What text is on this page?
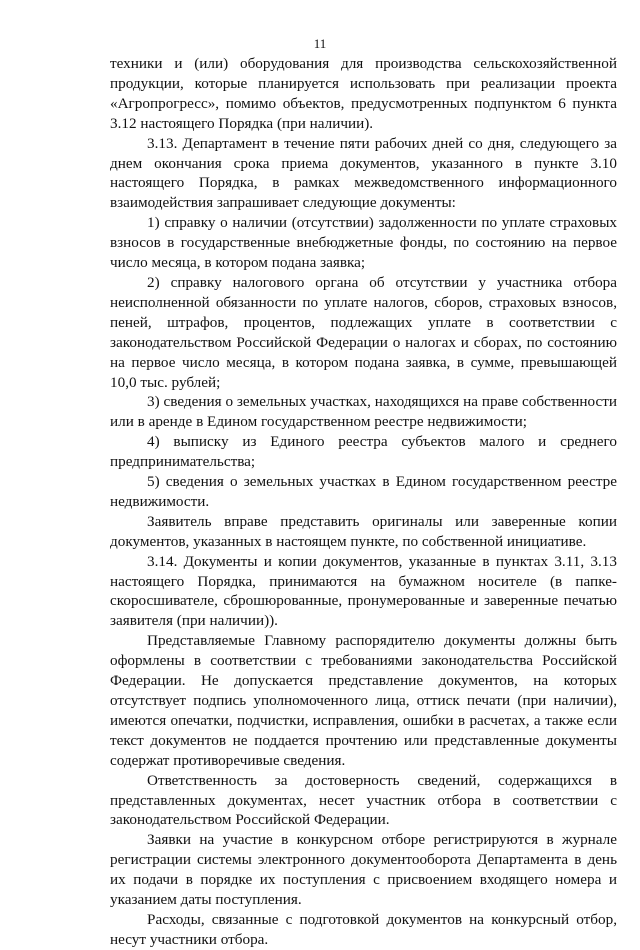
11

техники и (или) оборудования для производства сельскохозяйственной продукции, которые планируется использовать при реализации проекта «Агропрогресс», помимо объектов, предусмотренных подпунктом 6 пункта 3.12 настоящего Порядка (при наличии).

3.13. Департамент в течение пяти рабочих дней со дня, следующего за днем окончания срока приема документов, указанного в пункте 3.10 настоящего Порядка, в рамках межведомственного информационного взаимодействия запрашивает следующие документы:

1) справку о наличии (отсутствии) задолженности по уплате страховых взносов в государственные внебюджетные фонды, по состоянию на первое число месяца, в котором подана заявка;

2) справку налогового органа об отсутствии у участника отбора неисполненной обязанности по уплате налогов, сборов, страховых взносов, пеней, штрафов, процентов, подлежащих уплате в соответствии с законодательством Российской Федерации о налогах и сборах, по состоянию на первое число месяца, в котором подана заявка, в сумме, превышающей 10,0 тыс. рублей;

3) сведения о земельных участках, находящихся на праве собственности или в аренде в Едином государственном реестре недвижимости;

4) выписку из Единого реестра субъектов малого и среднего предпринимательства;

5) сведения о земельных участках в Едином государственном реестре недвижимости.

Заявитель вправе представить оригиналы или заверенные копии документов, указанных в настоящем пункте, по собственной инициативе.

3.14. Документы и копии документов, указанные в пунктах 3.11, 3.13 настоящего Порядка, принимаются на бумажном носителе (в папке-скоросшивателе, сброшюрованные, пронумерованные и заверенные печатью заявителя (при наличии)).

Представляемые Главному распорядителю документы должны быть оформлены в соответствии с требованиями законодательства Российской Федерации. Не допускается представление документов, на которых отсутствует подпись уполномоченного лица, оттиск печати (при наличии), имеются опечатки, подчистки, исправления, ошибки в расчетах, а также если текст документов не поддается прочтению или представленные документы содержат противоречивые сведения.

Ответственность за достоверность сведений, содержащихся в представленных документах, несет участник отбора в соответствии с законодательством Российской Федерации.

Заявки на участие в конкурсном отборе регистрируются в журнале регистрации системы электронного документооборота Департамента в день их подачи в порядке их поступления с присвоением входящего номера и указанием даты поступления.

Расходы, связанные с подготовкой документов на конкурсный отбор, несут участники отбора.
